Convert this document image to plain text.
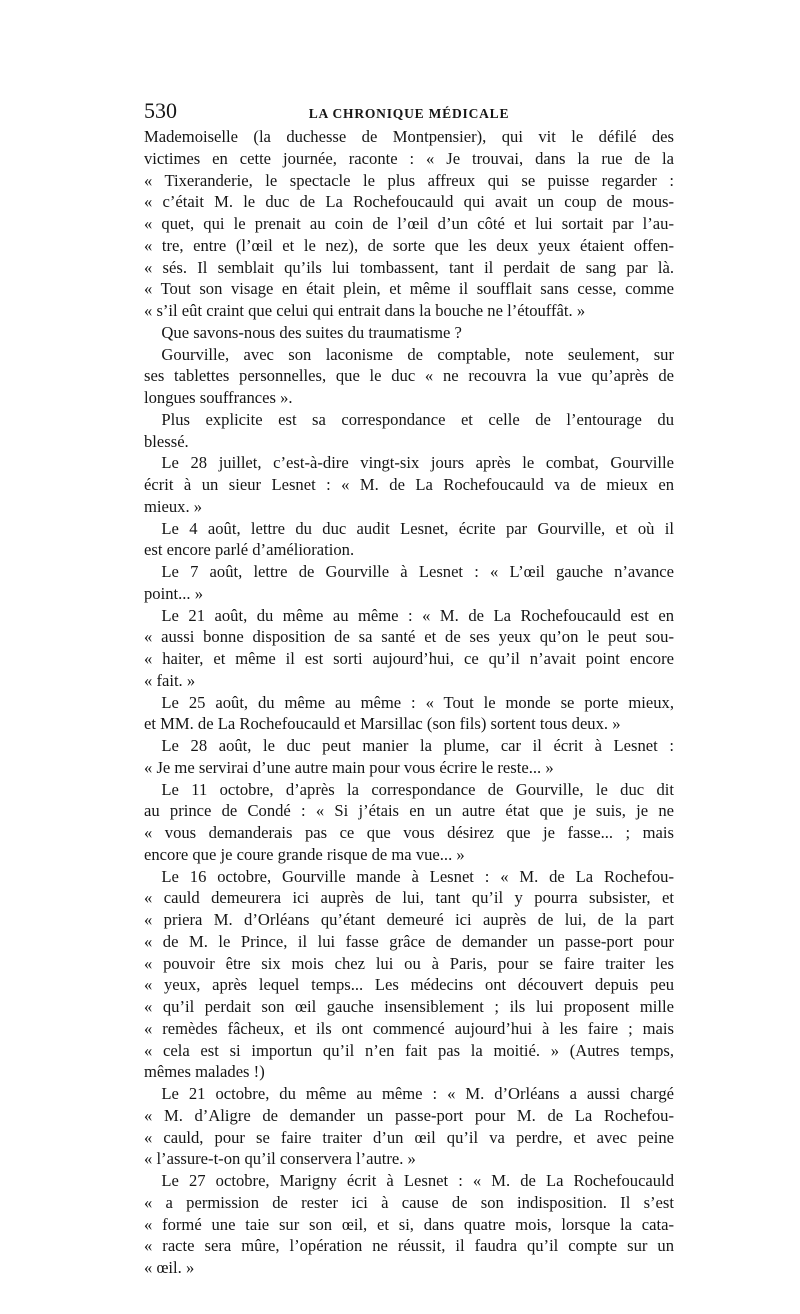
530	LA CHRONIQUE MÉDICALE
Mademoiselle (la duchesse de Montpensier), qui vit le défilé des
victimes en cette journée, raconte : « Je trouvai, dans la rue de la
« Tixeranderie, le spectacle le plus affreux qui se puisse regarder :
« c’était M. le duc de La Rochefoucauld qui avait un coup de mous-
« quet, qui le prenait au coin de l’œil d’un côté et lui sortait par l’au-
« tre, entre (l’œil et le nez), de sorte que les deux yeux étaient offen-
« sés. Il semblait qu’ils lui tombassent, tant il perdait de sang par là.
« Tout son visage en était plein, et même il soufflait sans cesse, comme
« s’il eût craint que celui qui entrait dans la bouche ne l’étouffât. »
Que savons-nous des suites du traumatisme ?
Gourville, avec son laconisme de comptable, note seulement, sur
ses tablettes personnelles, que le duc « ne recouvra la vue qu’après de
longues souffrances ».
Plus explicite est sa correspondance et celle de l’entourage du
blessé.
Le 28 juillet, c’est-à-dire vingt-six jours après le combat, Gourville
écrit à un sieur Lesnet : « M. de La Rochefoucauld va de mieux en
mieux. »
Le 4 août, lettre du duc audit Lesnet, écrite par Gourville, et où il
est encore parlé d’amélioration.
Le 7 août, lettre de Gourville à Lesnet : « L’œil gauche n’avance
point... »
Le 21 août, du même au même : « M. de La Rochefoucauld est en
« aussi bonne disposition de sa santé et de ses yeux qu’on le peut sou-
« haiter, et même il est sorti aujourd’hui, ce qu’il n’avait point encore
« fait. »
Le 25 août, du même au même : « Tout le monde se porte mieux,
et MM. de La Rochefoucauld et Marsillac (son fils) sortent tous deux. »
Le 28 août, le duc peut manier la plume, car il écrit à Lesnet :
« Je me servirai d’une autre main pour vous écrire le reste... »
Le 11 octobre, d’après la correspondance de Gourville, le duc dit
au prince de Condé : « Si j’étais en un autre état que je suis, je ne
« vous demanderais pas ce que vous désirez que je fasse... ; mais
encore que je coure grande risque de ma vue... »
Le 16 octobre, Gourville mande à Lesnet : « M. de La Rochefou-
« cauld demeurera ici auprès de lui, tant qu’il y pourra subsister, et
« priera M. d’Orléans qu’étant demeuré ici auprès de lui, de la part
« de M. le Prince, il lui fasse grâce de demander un passe-port pour
« pouvoir être six mois chez lui ou à Paris, pour se faire traiter les
« yeux, après lequel temps... Les médecins ont découvert depuis peu
« qu’il perdait son œil gauche insensiblement ; ils lui proposent mille
« remèdes fâcheux, et ils ont commencé aujourd’hui à les faire ; mais
« cela est si importun qu’il n’en fait pas la moitié. » (Autres temps,
mêmes malades !)
Le 21 octobre, du même au même : « M. d’Orléans a aussi chargé
« M. d’Aligre de demander un passe-port pour M. de La Rochefou-
« cauld, pour se faire traiter d’un œil qu’il va perdre, et avec peine
« l’assure-t-on qu’il conservera l’autre. »
Le 27 octobre, Marigny écrit à Lesnet : « M. de La Rochefoucauld
« a permission de rester ici à cause de son indisposition. Il s’est
« formé une taie sur son œil, et si, dans quatre mois, lorsque la cata-
« racte sera mûre, l’opération ne réussit, il faudra qu’il compte sur un
« œil. »
